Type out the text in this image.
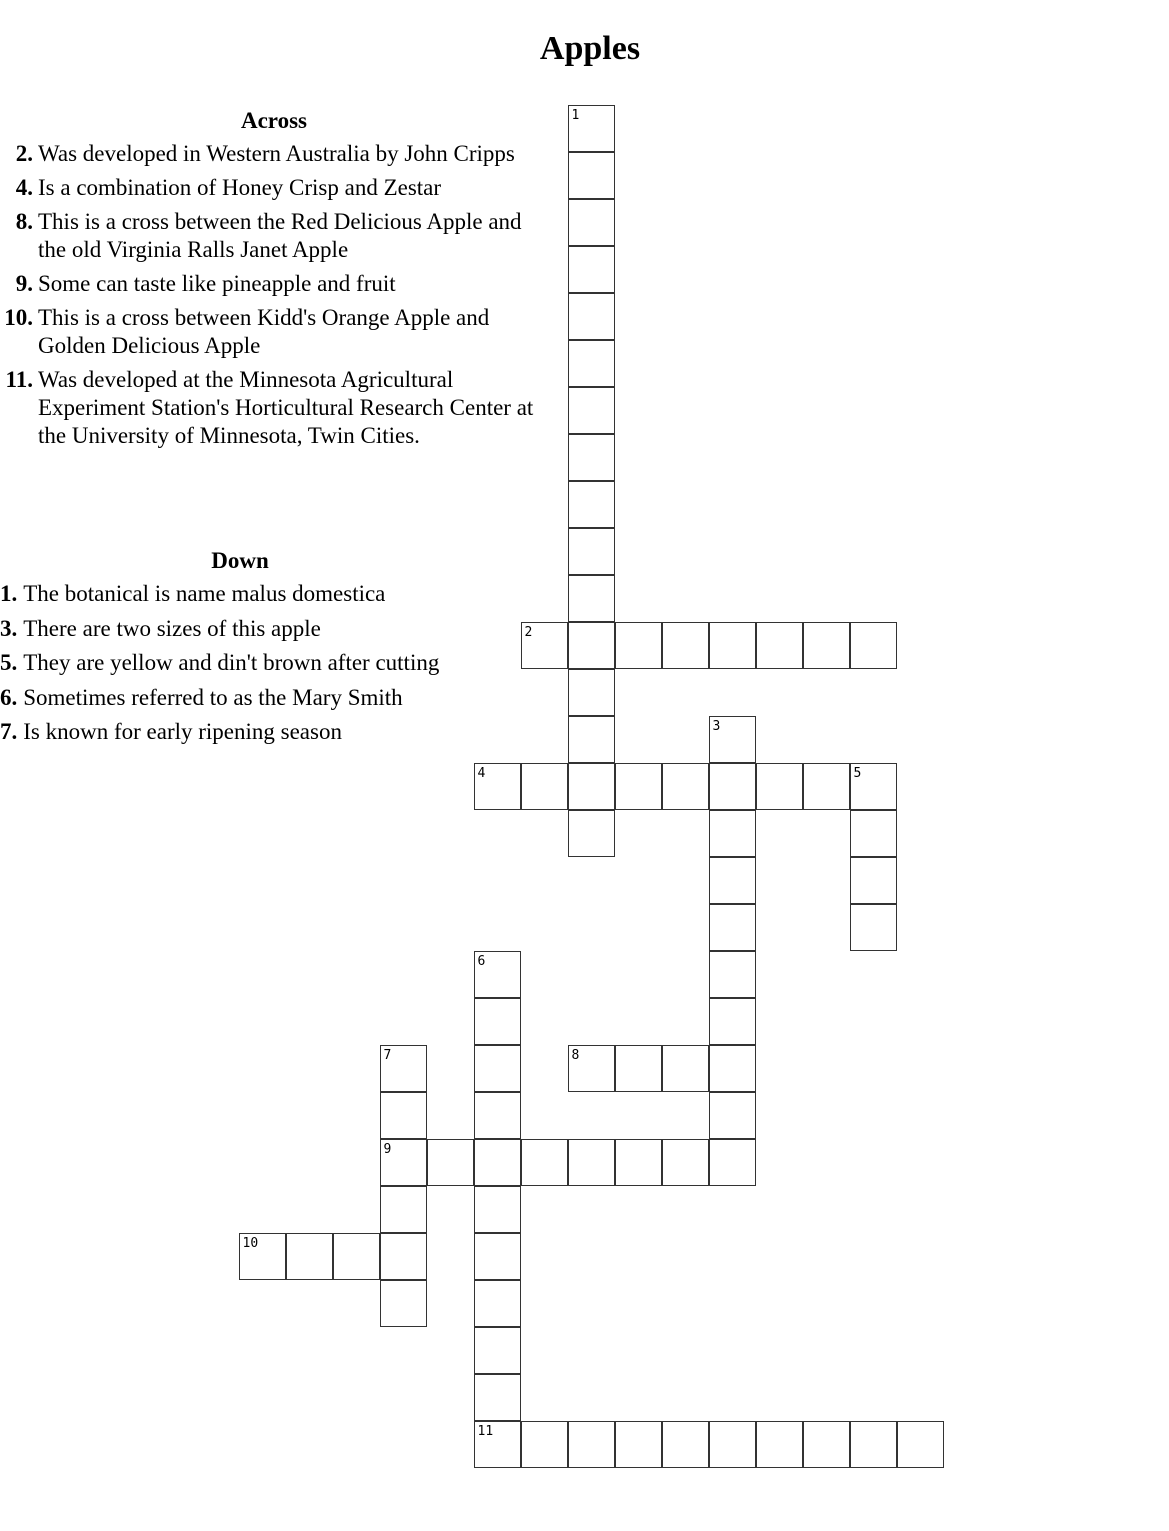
Apples
Across
2. Was developed in Western Australia by John Cripps
4. Is a combination of Honey Crisp and Zestar
8. This is a cross between the Red Delicious Apple and the old Virginia Ralls Janet Apple
9. Some can taste like pineapple and fruit
10. This is a cross between Kidd's Orange Apple and Golden Delicious Apple
11. Was developed at the Minnesota Agricultural Experiment Station's Horticultural Research Center at the University of Minnesota, Twin Cities.
Down
1. The botanical is name malus domestica
3. There are two sizes of this apple
5. They are yellow and din't brown after cutting
6. Sometimes referred to as the Mary Smith
7. Is known for early ripening season
1
2
3
4	5
6
11
7
9
8
10
